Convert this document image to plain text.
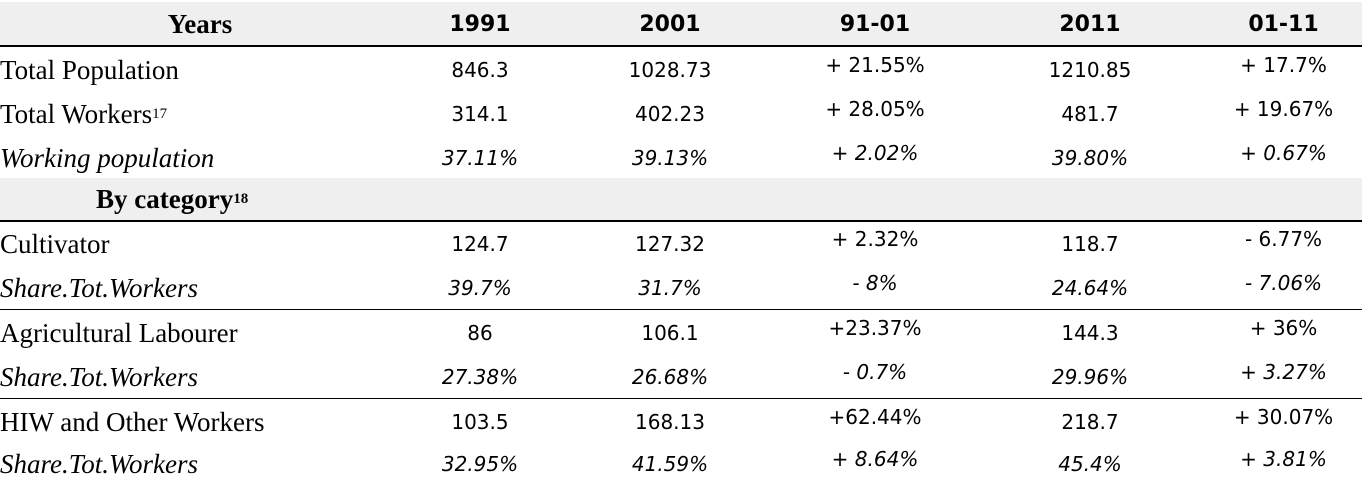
Years	1991	2001	91-01	2011	01-11
Total Population	846.3	1028.73	+ 21.55%	1210.85	+ 17.7%
Total Workers 17	314.1	402.23	+ 28.05%	481.7	+ 19.67%
Working population	37.11%	39.13%	+ 2.02%	39.80%	+ 0.67%
By category 18
Cultivator	124.7	127.32	+ 2.32%	118.7	- 6.77%
Share.Tot.Workers	39.7%	31.7%	- 8%	24.64%	- 7.06%
Agricultural Labourer	86	106.1	+23.37%	144.3	+ 36%
Share.Tot.Workers	27.38%	26.68%	- 0.7%	29.96%	+ 3.27%
HIW and Other Workers	103.5	168.13	+62.44%	218.7	+ 30.07%
Share.Tot.Workers	32.95%	41.59%	+ 8.64%	45.4%	+ 3.81%
